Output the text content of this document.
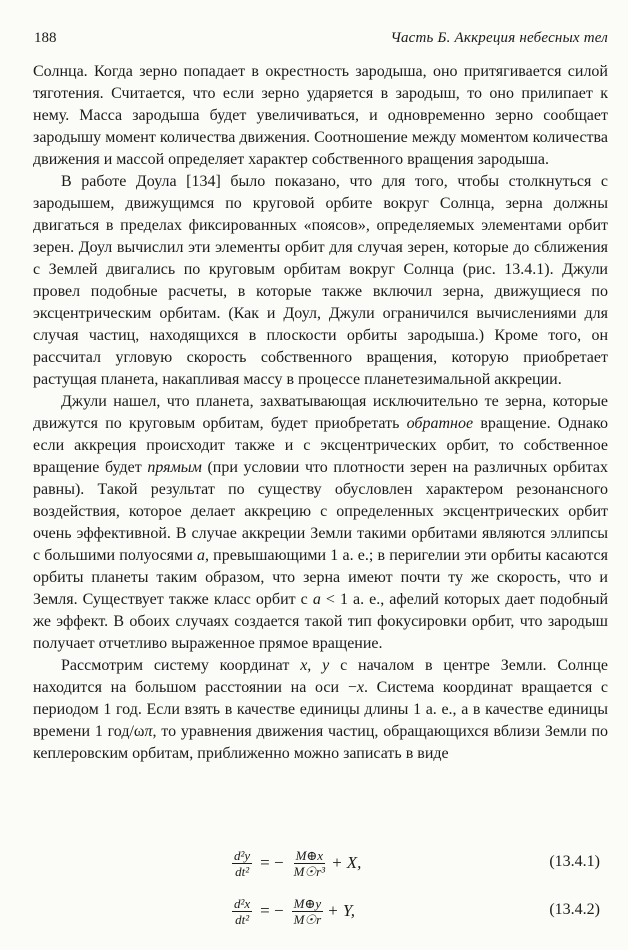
188	Часть Б. Аккреция небесных тел

Солнца. Когда зерно попадает в окрестность зародыша, оно притягивается силой тяготения. Считается, что если зерно ударяется в зародыш, то оно прилипает к нему. Масса зародыша будет увеличиваться, и одновременно зерно сообщает зародышу момент количества движения. Соотношение между моментом количества движения и массой определяет характер собственного вращения зародыша.

В работе Доула [134] было показано, что для того, чтобы столкнуться с зародышем, движущимся по круговой орбите вокруг Солнца, зерна должны двигаться в пределах фиксированных «поясов», определяемых элементами орбит зерен. Доул вычислил эти элементы орбит для случая зерен, которые до сближения с Землей двигались по круговым орбитам вокруг Солнца (рис. 13.4.1). Джули провел подобные расчеты, в которые также включил зерна, движущиеся по эксцентрическим орбитам. (Как и Доул, Джули ограничился вычислениями для случая частиц, находящихся в плоскости орбиты зародыша.) Кроме того, он рассчитал угловую скорость собственного вращения, которую приобретает растущая планета, накапливая массу в процессе планетезимальной аккреции.

Джули нашел, что планета, захватывающая исключительно те зерна, которые движутся по круговым орбитам, будет приобретать обратное вращение. Однако если аккреция происходит также и с эксцентрических орбит, то собственное вращение будет прямым (при условии что плотности зерен на различных орбитах равны). Такой результат по существу обусловлен характером резонансного воздействия, которое делает аккрецию с определенных эксцентрических орбит очень эффективной. В случае аккреции Земли такими орбитами являются эллипсы с большими полуосями a, превышающими 1 а. е.; в перигелии эти орбиты касаются орбиты планеты таким образом, что зерна имеют почти ту же скорость, что и Земля. Существует также класс орбит с a < 1 а. е., афелий которых дает подобный же эффект. В обоих случаях создается такой тип фокусировки орбит, что зародыш получает отчетливо выраженное прямое вращение.

Рассмотрим систему координат x, y с началом в центре Земли. Солнце находится на большом расстоянии на оси −x. Система координат вращается с периодом 1 год. Если взять в качестве единицы длины 1 а. е., а в качестве единицы времени 1 год/ωπ, то уравнения движения частиц, обращающихся вблизи Земли по кеплеровским орбитам, приближенно можно записать в виде

$\frac{\text{d²y}}{\text{dt²}}$ = − $\frac{M\oplus x}{\text{M☉r³}} + X$,	(13.4.1)
$\frac{\text{d²x}}{\text{dt²}}$ = − $\frac{M\oplus y}{M☉r} + Y$,	(13.4.2)
